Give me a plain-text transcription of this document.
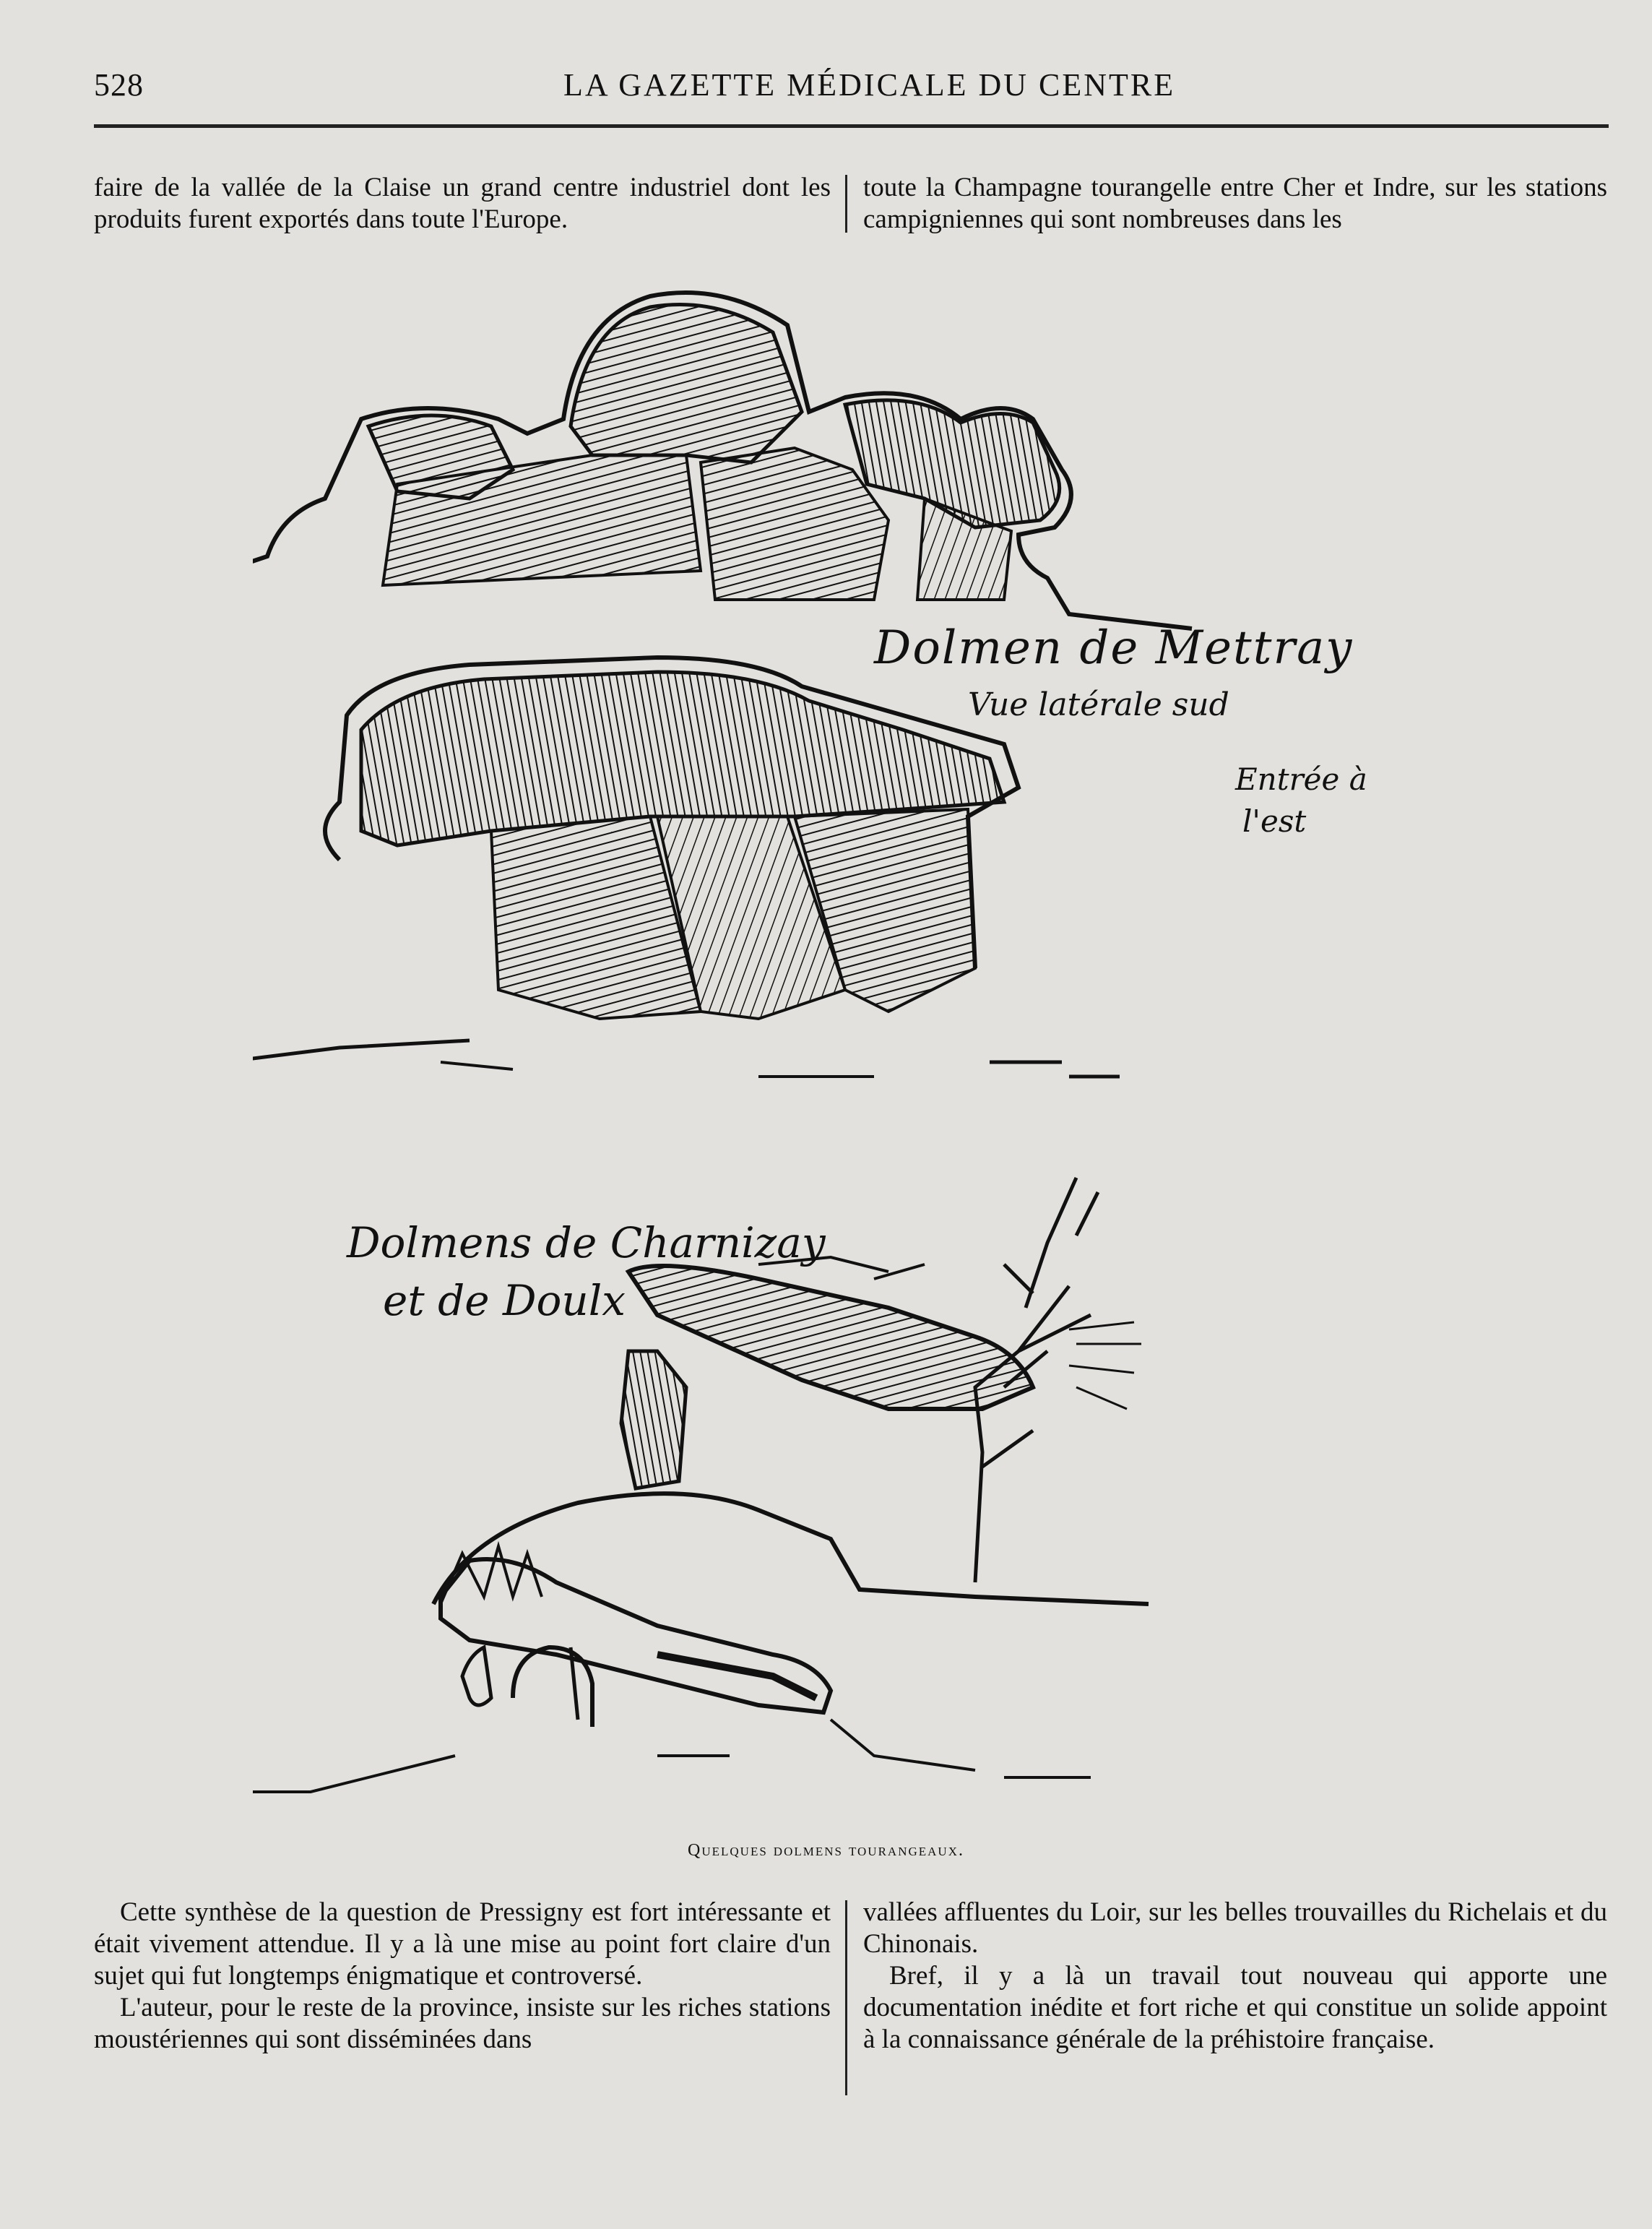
528	LA GAZETTE MÉDICALE DU CENTRE

faire de la vallée de la Claise un grand centre industriel dont les produits furent exportés dans toute l'Europe.

toute la Champagne tourangelle entre Cher et Indre, sur les stations campigniennes qui sont nombreuses dans les

Dolmen de Mettray
Vue latérale sud
Entrée à
l'est
Dolmens de Charnizay
et de Doulx
Quelques dolmens tourangeaux.

Cette synthèse de la question de Pressigny est fort intéressante et était vivement attendue. Il y a là une mise au point fort claire d'un sujet qui fut longtemps énigmatique et controversé.

L'auteur, pour le reste de la province, insiste sur les riches stations moustériennes qui sont disséminées dans

vallées affluentes du Loir, sur les belles trouvailles du Richelais et du Chinonais.

Bref, il y a là un travail tout nouveau qui apporte une documentation inédite et fort riche et qui constitue un solide appoint à la connaissance générale de la préhistoire française.
